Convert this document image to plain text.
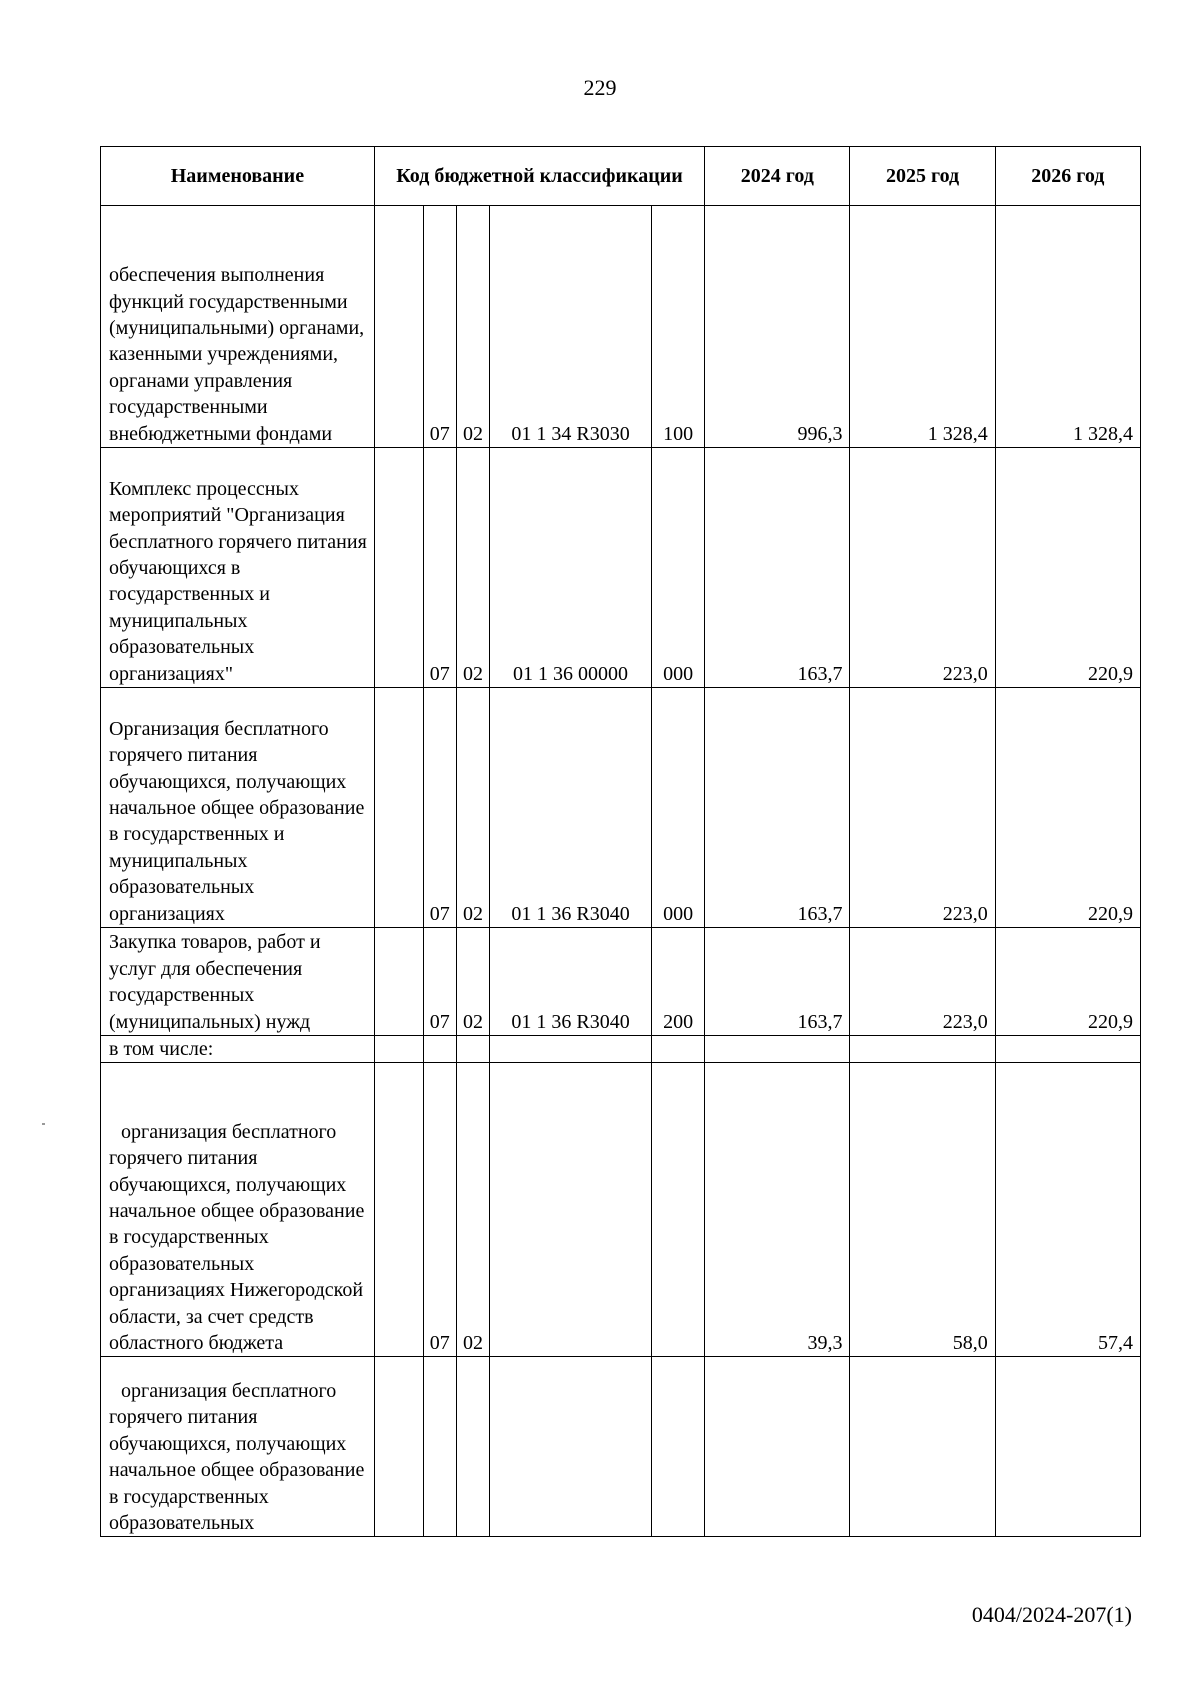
229
Наименование	Код бюджетной классификации					2024 год	2025 год	2026 год
обеспечения выполнения функций государственными (муниципальными) органами, казенными учреждениями, органами управления государственными внебюджетными фондами		07	02	01 1 34 R3030	100	996,3	1 328,4	1 328,4
Комплекс процессных мероприятий "Организация бесплатного горячего питания обучающихся в государственных и муниципальных образовательных организациях"		07	02	01 1 36 00000	000	163,7	223,0	220,9
Организация бесплатного горячего питания обучающихся, получающих начальное общее образование в государственных и муниципальных образовательных организациях		07	02	01 1 36 R3040	000	163,7	223,0	220,9
Закупка товаров, работ и услуг для обеспечения государственных (муниципальных) нужд		07	02	01 1 36 R3040	200	163,7	223,0	220,9
в том числе:								
организация бесплатного горячего питания обучающихся, получающих начальное общее образование в государственных образовательных организациях Нижегородской области, за счет средств областного бюджета		07	02			39,3	58,0	57,4
организация бесплатного горячего питания обучающихся, получающих начальное общее образование в государственных образовательных								
0404/2024-207(1)
